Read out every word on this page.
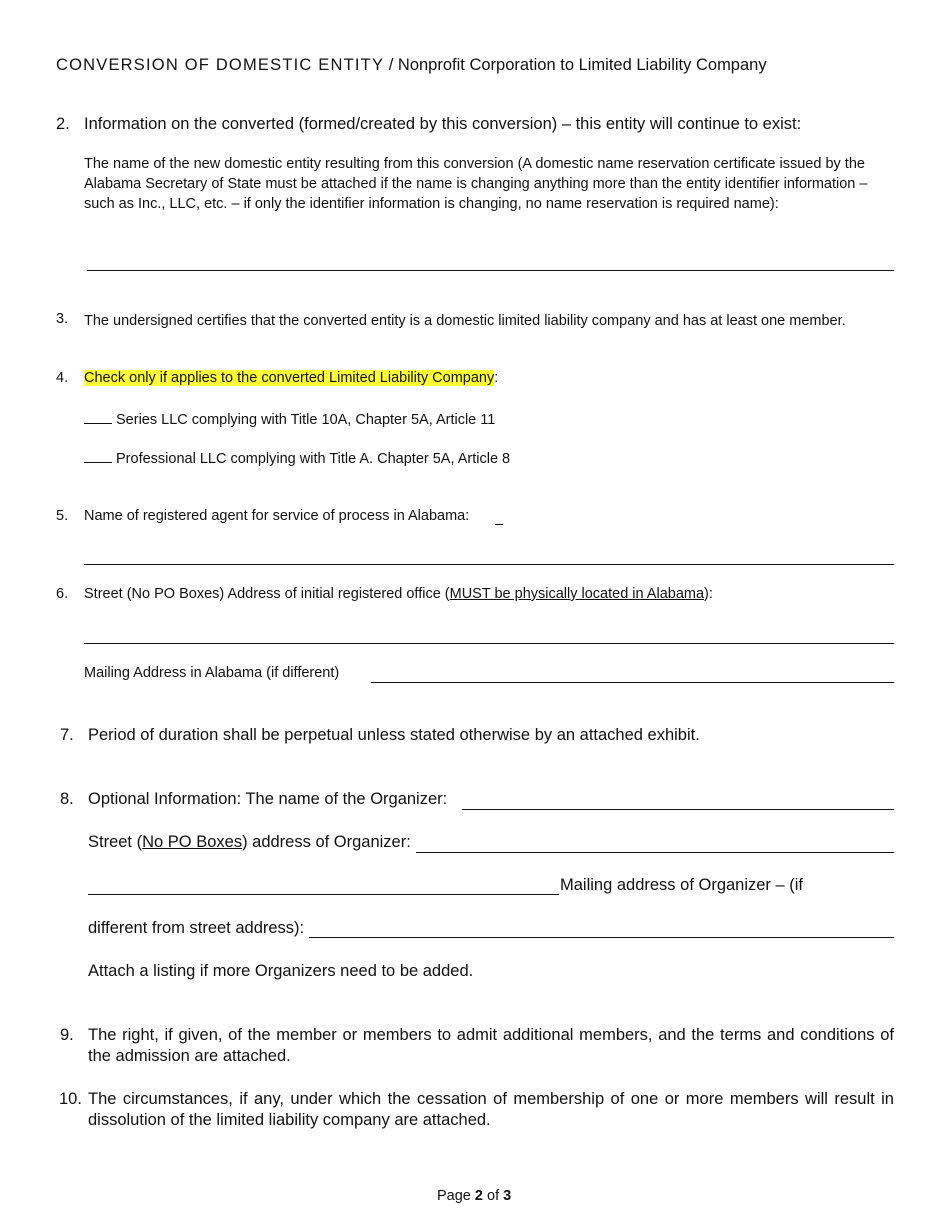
CONVERSION OF DOMESTIC ENTITY / Nonprofit Corporation to Limited Liability Company
2. Information on the converted (formed/created by this conversion) – this entity will continue to exist:
The name of the new domestic entity resulting from this conversion (A domestic name reservation certificate issued by the Alabama Secretary of State must be attached if the name is changing anything more than the entity identifier information – such as Inc., LLC, etc. – if only the identifier information is changing, no name reservation is required name):
3. The undersigned certifies that the converted entity is a domestic limited liability company and has at least one member.
4. Check only if applies to the converted Limited Liability Company:
Series LLC complying with Title 10A, Chapter 5A, Article 11
Professional LLC complying with Title A. Chapter 5A, Article 8
5. Name of registered agent for service of process in Alabama:
6. Street (No PO Boxes) Address of initial registered office (MUST be physically located in Alabama):
Mailing Address in Alabama (if different)
7. Period of duration shall be perpetual unless stated otherwise by an attached exhibit.
8. Optional Information: The name of the Organizer:
Street (No PO Boxes) address of Organizer:
Mailing address of Organizer – (if
different from street address):
Attach a listing if more Organizers need to be added.
9. The right, if given, of the member or members to admit additional members, and the terms and conditions of the admission are attached.
10. The circumstances, if any, under which the cessation of membership of one or more members will result in dissolution of the limited liability company are attached.
Page 2 of 3
